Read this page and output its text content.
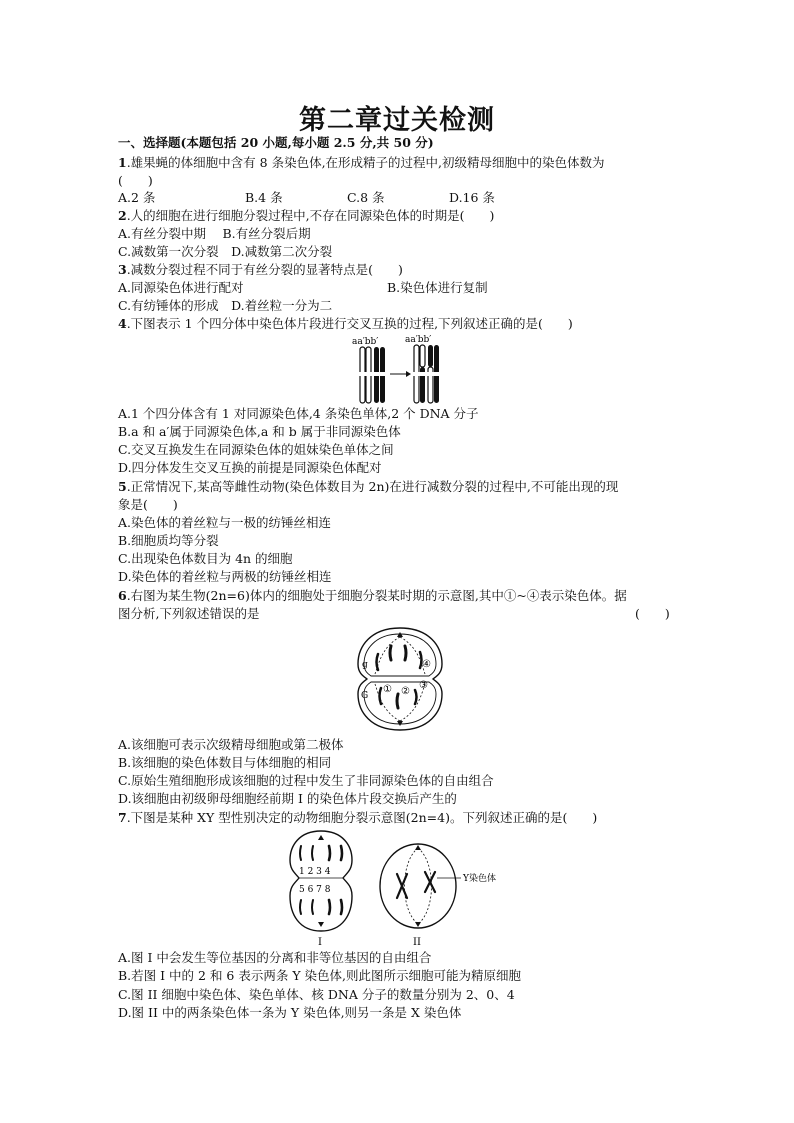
第二章过关检测
一、选择题(本题包括 20 小题,每小题 2.5 分,共 50 分)
1.雄果蝇的体细胞中含有 8 条染色体,在形成精子的过程中,初级精母细胞中的染色体数为
(　　)
A.2 条	B.4 条	C.8 条	D.16 条
2.人的细胞在进行细胞分裂过程中,不存在同源染色体的时期是(　　)
A.有丝分裂中期　 B.有丝分裂后期
C.减数第一次分裂　D.减数第二次分裂
3.减数分裂过程不同于有丝分裂的显著特点是(　　)
A.同源染色体进行配对	B.染色体进行复制
C.有纺锤体的形成　D.着丝粒一分为二
4.下图表示 1 个四分体中染色体片段进行交叉互换的过程,下列叙述正确的是(　　)
aa′bb′	aa′bb′
A.1 个四分体含有 1 对同源染色体,4 条染色单体,2 个 DNA 分子
B.a 和 a′属于同源染色体,a 和 b 属于非同源染色体
C.交叉互换发生在同源染色体的姐妹染色单体之间
D.四分体发生交叉互换的前提是同源染色体配对
5.正常情况下,某高等雌性动物(染色体数目为 2n)在进行减数分裂的过程中,不可能出现的现
象是(　　)
A.染色体的着丝粒与一极的纺锤丝相连
B.细胞质均等分裂
C.出现染色体数目为 4n 的细胞
D.染色体的着丝粒与两极的纺锤丝相连
6.右图为某生物(2n=6)体内的细胞处于细胞分裂某时期的示意图,其中①~④表示染色体。据
图分析,下列叙述错误的是	(　　)
g	④
G
① ②
③
A.该细胞可表示次级精母细胞或第二极体
B.该细胞的染色体数目与体细胞的相同
C.原始生殖细胞形成该细胞的过程中发生了非同源染色体的自由组合
D.该细胞由初级卵母细胞经前期 I 的染色体片段交换后产生的
7.下图是某种 XY 型性别决定的动物细胞分裂示意图(2n=4)。下列叙述正确的是(　　)
1 2 3 4
5 6 7 8
I
Y染色体
II
A.图 I 中会发生等位基因的分离和非等位基因的自由组合
B.若图 I 中的 2 和 6 表示两条 Y 染色体,则此图所示细胞可能为精原细胞
C.图 II 细胞中染色体、染色单体、核 DNA 分子的数量分别为 2、0、4
D.图 II 中的两条染色体一条为 Y 染色体,则另一条是 X 染色体
